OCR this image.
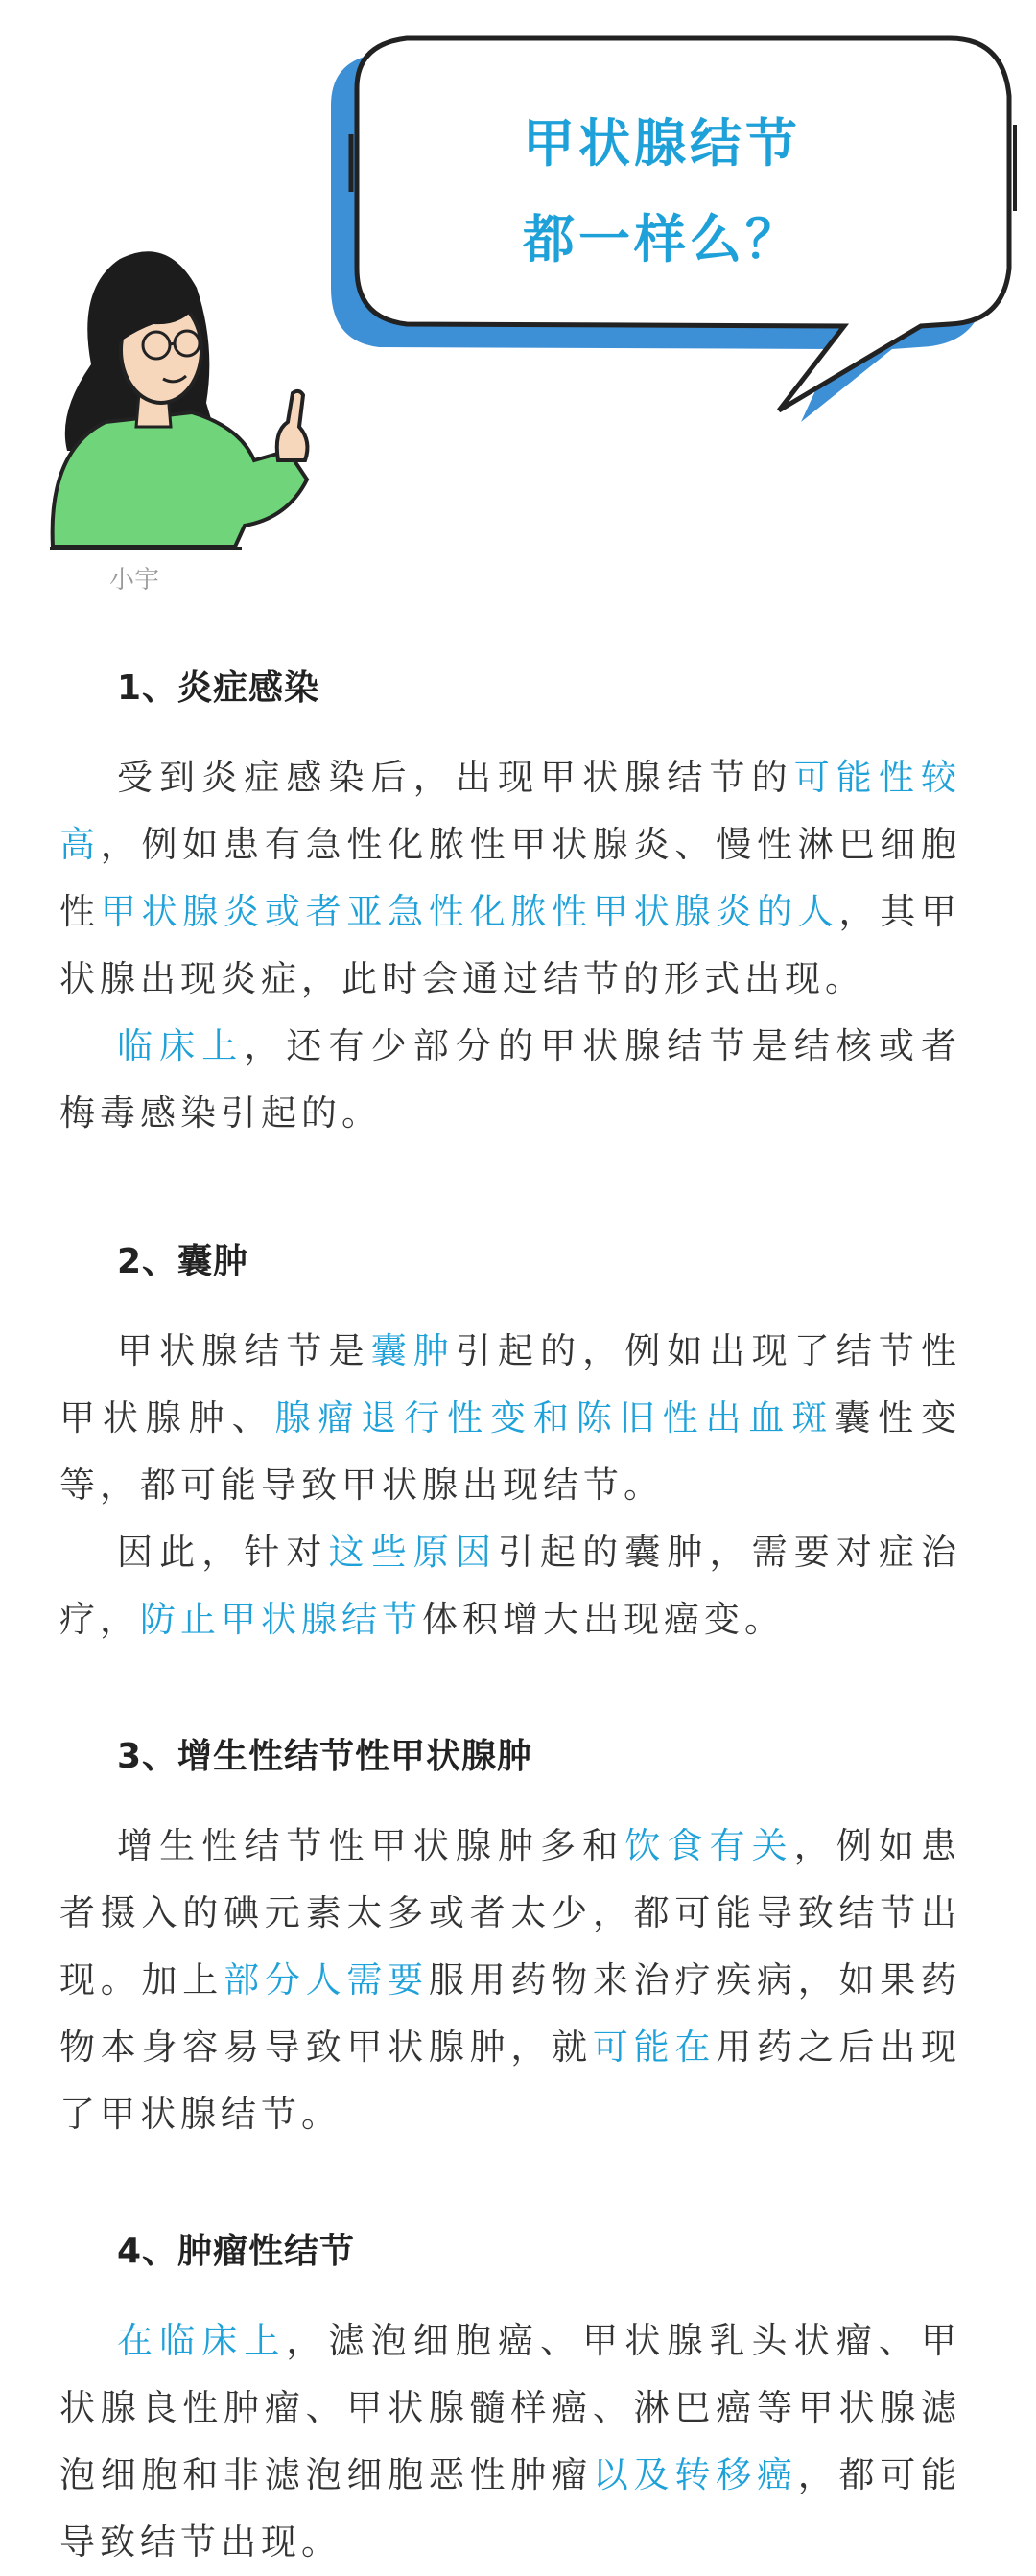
甲状腺结节
都一样么？
小宇
1、炎症感染

受到炎症感染后，出现甲状腺结节的可能性较高，例如患有急性化脓性甲状腺炎、慢性淋巴细胞性甲状腺炎或者亚急性化脓性甲状腺炎的人，其甲状腺出现炎症，此时会通过结节的形式出现。

临床上，还有少部分的甲状腺结节是结核或者梅毒感染引起的。

2、囊肿

甲状腺结节是囊肿引起的，例如出现了结节性甲状腺肿、腺瘤退行性变和陈旧性出血斑囊性变等，都可能导致甲状腺出现结节。

因此，针对这些原因引起的囊肿，需要对症治疗，防止甲状腺结节体积增大出现癌变。

3、增生性结节性甲状腺肿

增生性结节性甲状腺肿多和饮食有关，例如患者摄入的碘元素太多或者太少，都可能导致结节出现。加上部分人需要服用药物来治疗疾病，如果药物本身容易导致甲状腺肿，就可能在用药之后出现了甲状腺结节。

4、肿瘤性结节

在临床上，滤泡细胞癌、甲状腺乳头状瘤、甲状腺良性肿瘤、甲状腺髓样癌、淋巴癌等甲状腺滤泡细胞和非滤泡细胞恶性肿瘤以及转移癌，都可能导致结节出现。
